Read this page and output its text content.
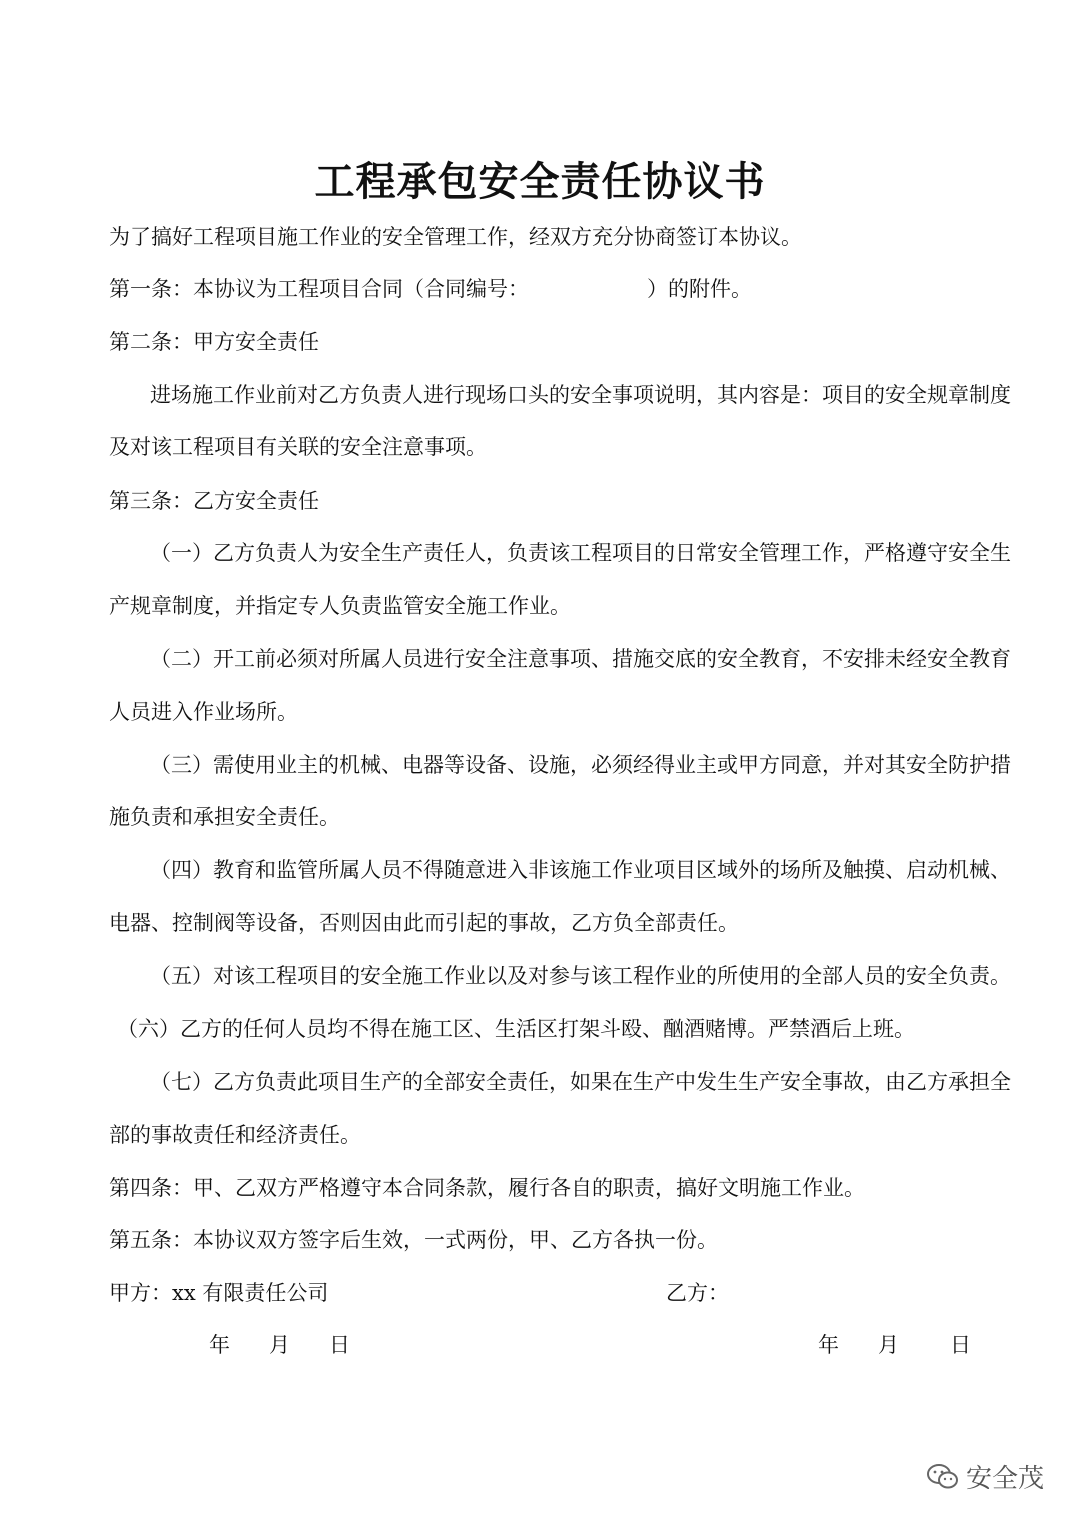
工程承包安全责任协议书
为了搞好工程项目施工作业的安全管理工作，经双方充分协商签订本协议。
第一条：本协议为工程项目合同（合同编号：	）的附件。
第二条：甲方安全责任
进场施工作业前对乙方负责人进行现场口头的安全事项说明，其内容是：项目的安全规章制度
及对该工程项目有关联的安全注意事项。
第三条：乙方安全责任
（一）乙方负责人为安全生产责任人，负责该工程项目的日常安全管理工作，严格遵守安全生
产规章制度，并指定专人负责监管安全施工作业。
（二）开工前必须对所属人员进行安全注意事项、措施交底的安全教育，不安排未经安全教育
人员进入作业场所。
（三）需使用业主的机械、电器等设备、设施，必须经得业主或甲方同意，并对其安全防护措
施负责和承担安全责任。
（四）教育和监管所属人员不得随意进入非该施工作业项目区域外的场所及触摸、启动机械、
电器、控制阀等设备，否则因由此而引起的事故，乙方负全部责任。
（五）对该工程项目的安全施工作业以及对参与该工程作业的所使用的全部人员的安全负责。
（六）乙方的任何人员均不得在施工区、生活区打架斗殴、酗酒赌博。严禁酒后上班。
（七）乙方负责此项目生产的全部安全责任，如果在生产中发生生产安全事故，由乙方承担全
部的事故责任和经济责任。
第四条：甲、乙双方严格遵守本合同条款，履行各自的职责，搞好文明施工作业。
第五条：本协议双方签字后生效，一式两份，甲、乙方各执一份。
甲方：xx 有限责任公司	乙方：
年 月 日	年 月 日
安全茂
